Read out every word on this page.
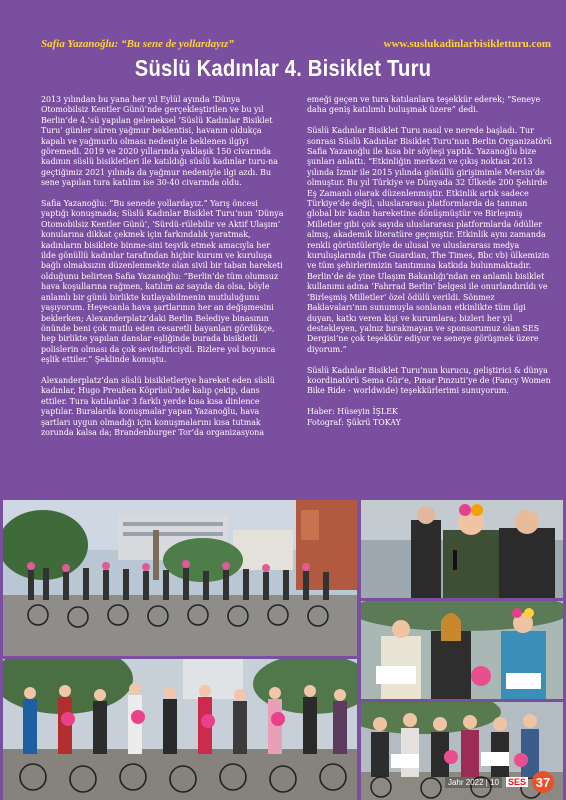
Safia Yazanoğlu: “Bu sene de yollardayız”	www.suslukadinlarbisikletturu.com
Süslü Kadınlar 4. Bisiklet Turu

2013 yılından bu yana her yıl Eylül ayında ‘Dünya Otomobilsiz Kentler Günü’nde gerçekleştirilen ve bu yıl Berlin’de 4.’sü yapılan geleneksel ‘Süslü Kadınlar Bisiklet Turu’ günler süren yağmur beklentisi, havanın oldukça kapalı ve yağmurlu olması nedeniyle beklenen ilgiyi göremedi. 2019 ve 2020 yıllarında yaklaşık 150 civarında kadının süslü bisikletleri ile katıldığı süslü kadınlar turu-na geçtiğimiz 2021 yılında da yağmur nedeniyle ilgi azdı. Bu sene yapılan tura katılım ise 30-40 civarında oldu.

Safia Yazanoğlu: “Bu senede yollardayız.” Yarış öncesi yaptığı konuşmada; Süslü Kadınlar Bisiklet Turu’nun ‘Dünya Otomobilsiz Kentler Günü’, ‘Sürdü-rülebilir ve Aktif Ulaşım’ konularına dikkat çekmek için farkındalık yaratmak, kadınların bisiklete binme-sini teşvik etmek amacıyla her ilde gönüllü kadınlar tarafından hiçbir kurum ve kuruluşa bağlı olmaksızın düzenlenmekte olan sivil bir taban hareketi olduğunu belirten Safia Yazanoğlu: “Berlin’de tüm olumsuz hava koşullarına rağmen, katılım az sayıda da olsa, böyle anlamlı bir günü birlikte kutlayabilmenin mutluluğunu yaşıyorum. Heyecanla hava şartlarının her an değişmesini beklerken; Alexanderplatz’daki Berlin Belediye binasının önünde beni çok mutlu eden cesaretli bayanları gördükçe, hep birlikte yapılan danslar eşliğinde burada bisikletli polislerin olması da çok sevindiriciydi. Bizlere yol boyunca eşlik ettiler.” Şeklinde konuştu.

Alexanderplatz’dan süslü bisikletleriye hareket eden süslü kadınlar, Hugo Preußen Köprüsü’nde kalıp çekip, dans ettiler. Tura katılanlar 3 farklı yerde kısa kısa dinlence yaptılar. Buralarda konuşmalar yapan Yazanoğlu, hava şartları uygun olmadığı için konuşmalarını kısa tutmak zorunda kalsa da; Brandenburger Tor’da organizasyona

emeği geçen ve tura katılanlara teşekkür ederek; “Seneye daha geniş katılımlı buluşmak üzere” dedi.

Süslü Kadınlar Bisiklet Turu nasıl ve nerede başladı. Tur sonrası Süslü Kadınlar Bisiklet Turu’nun Berlin Organizatörü Safia Yazanoğlu ile kısa bir söyleşi yaptık. Yazanoğlu bize şunları anlattı. “Etkinliğin merkezi ve çıkış noktası 2013 yılında İzmir ile 2015 yılında gönüllü girişimimle Mersin’de olmuştur. Bu yıl Türkiye ve Dünyada 32 Ülkede 200 Şehirde Eş Zamanlı olarak düzenlenmiştir. Etkinlik artık sadece Türkiye’de değil, uluslararası platformlarda da tanınan global bir kadın hareketine dönüşmüştür ve Birleşmiş Milletler gibi çok sayıda uluslararası platformlarda ödüller almış, akademik literatüre geçmiştir. Etkinlik aynı zamanda renkli görüntüleriyle de ulusal ve uluslararası medya kuruluşlarında (The Guardian, The Times, Bbc vb) ülkemizin ve tüm şehirlerimizin tanıtımına katkıda bulunmaktadır. Berlin’de de yine Ulaşım Bakanlığı’ndan en anlamlı bisiklet kullanımı adına ‘Fahrrad Berlin’ belgesi ile onurlandırıldı ve ‘Birleşmiş Milletler’ özel ödülü verildi. Sönmez Baklavaları’nın sunumuyla sonlanan etkinlikte tüm ilgi duyan, katkı veren kişi ve kurumlara; bizleri her yıl destekleyen, yalnız bırakmayan ve sponsorumuz olan SES Dergisi’ne çok teşekkür ediyor ve seneye görüşmek üzere diyorum.”

Süslü Kadınlar Bisiklet Turu’nun kurucu, geliştirici & dünya koordinatörü Sema Gür’e, Pınar Pınzuti’ye de (Fancy Women Bike Ride - worldwide) teşekkürlerimi sunuyorum.

Haber: Hüseyin İŞLEK

Fotograf: Şükrü TOKAY

Jahr 2022 | 10	SES 37
